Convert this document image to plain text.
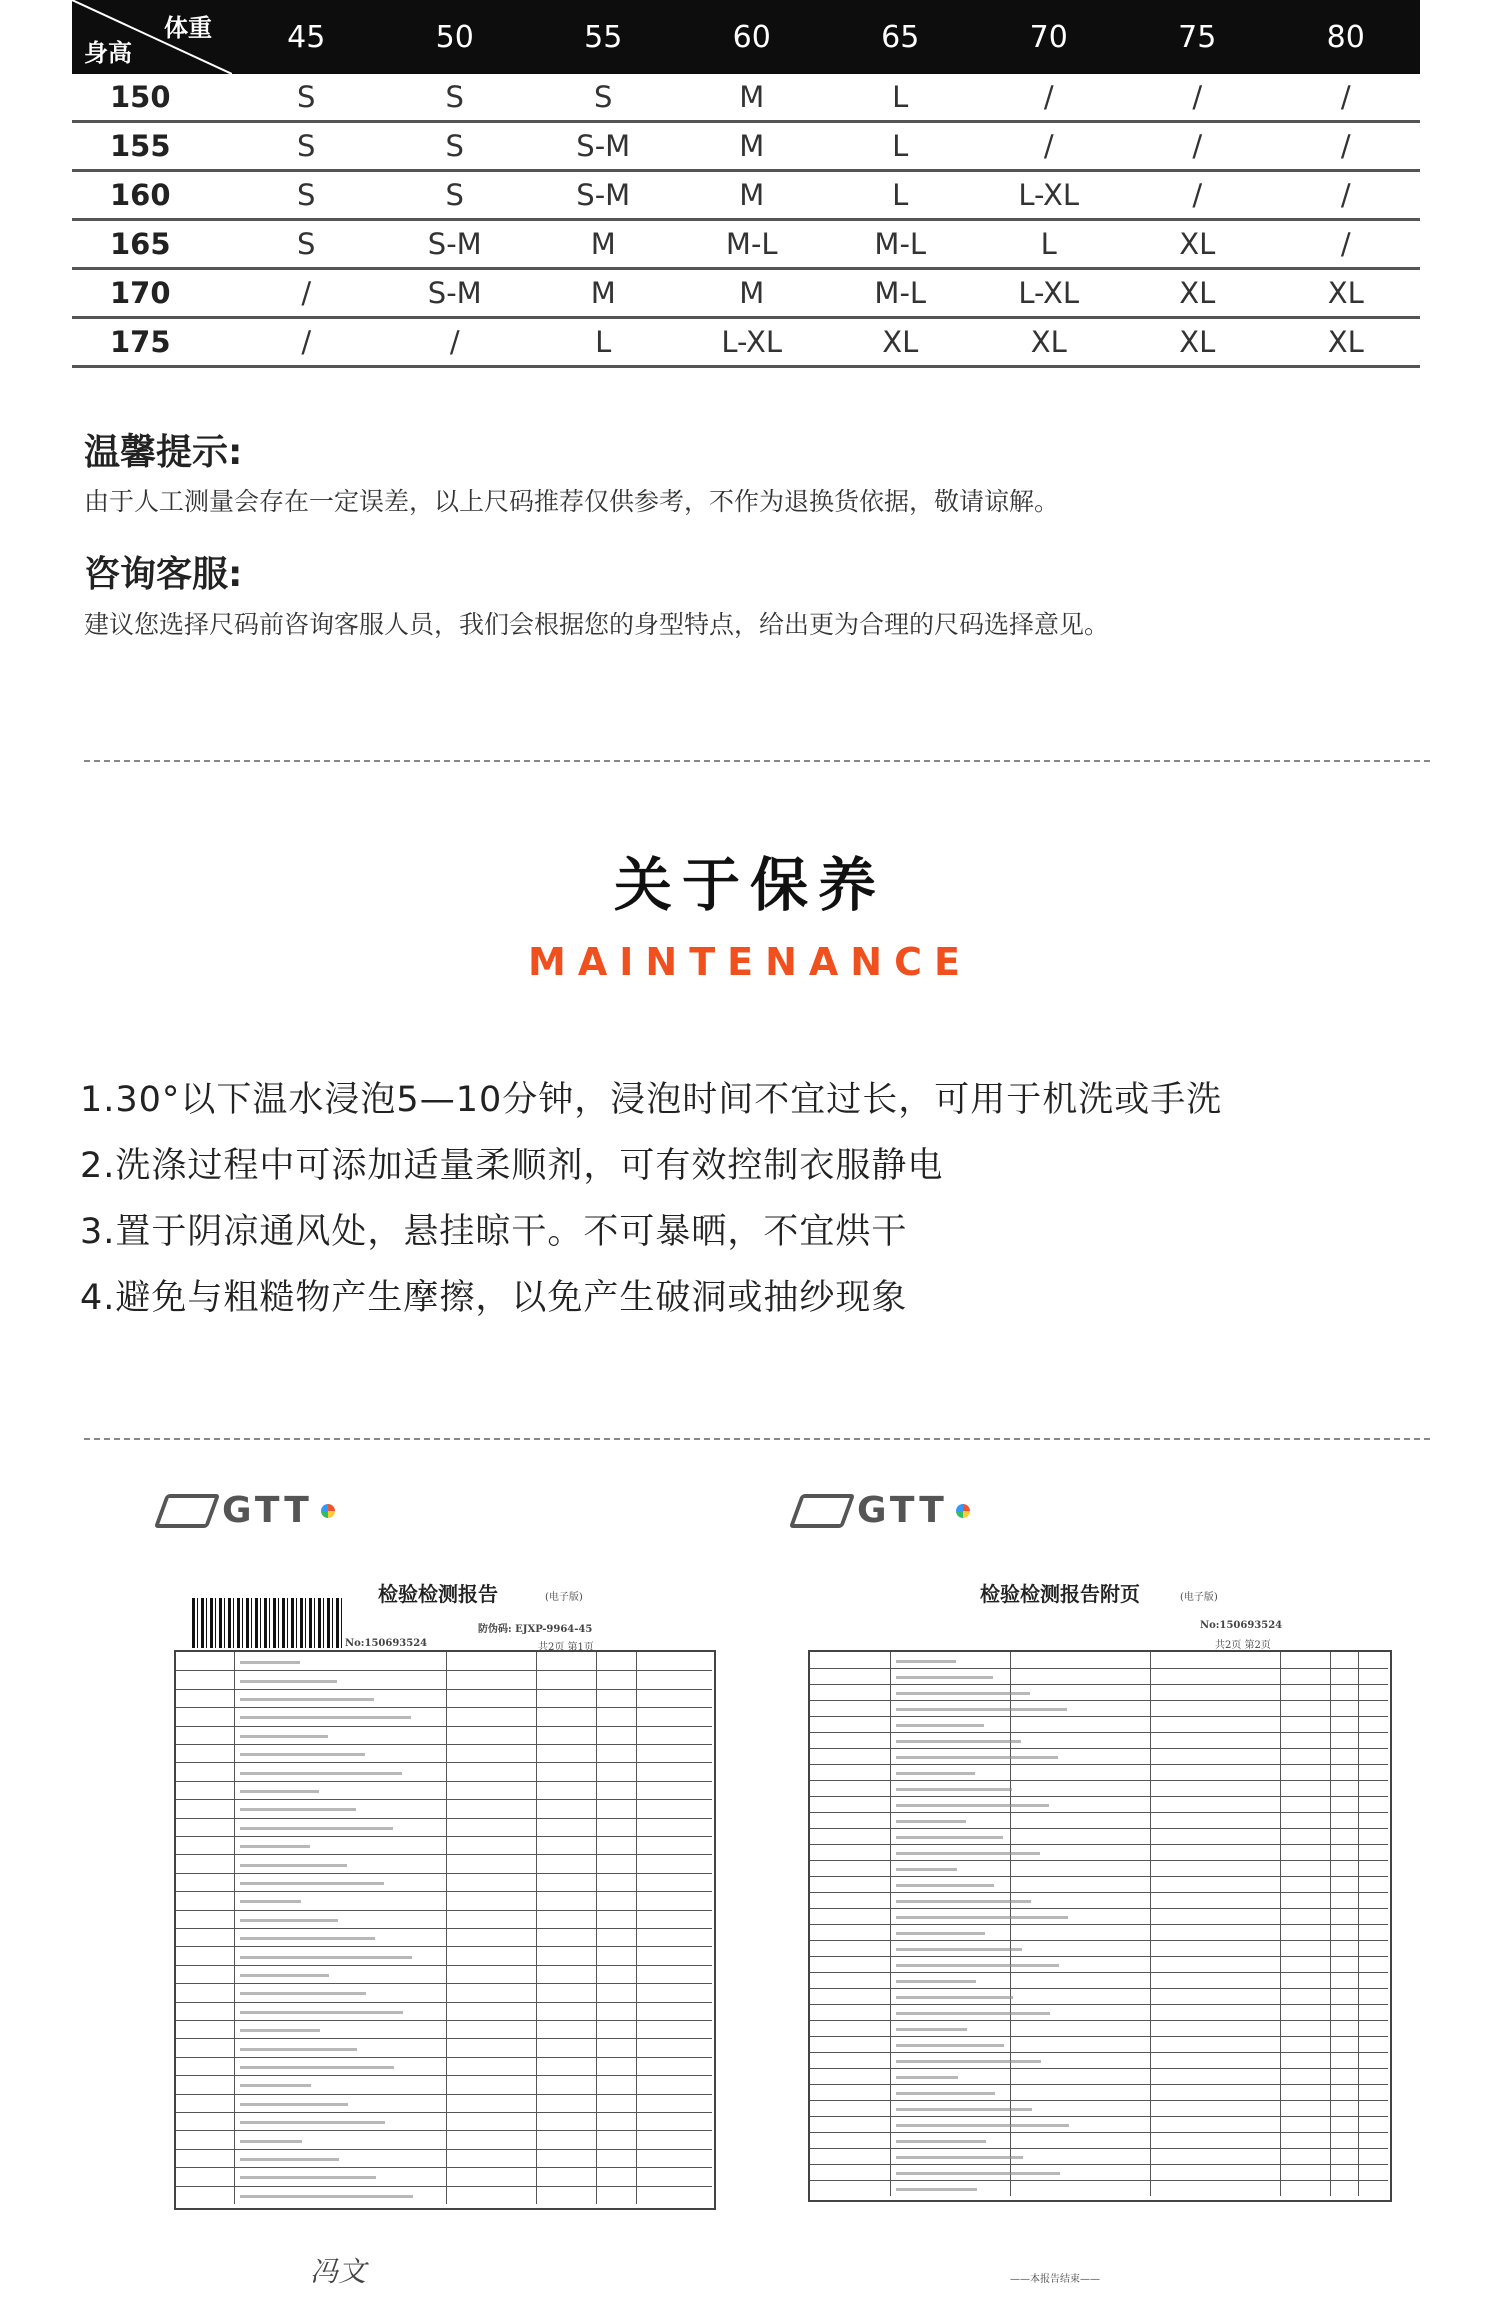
体重
身高	45	50	55	60	65	70	75	80
150	S	S	S	M	L	/	/	/
155	S	S	S-M	M	L	/	/	/
160	S	S	S-M	M	L	L-XL	/	/
165	S	S-M	M	M-L	M-L	L	XL	/
170	/	S-M	M	M	M-L	L-XL	XL	XL
175	/	/	L	L-XL	XL	XL	XL	XL
温馨提示:
由于人工测量会存在一定误差，以上尺码推荐仅供参考，不作为退换货依据，敬请谅解。
咨询客服:
建议您选择尺码前咨询客服人员，我们会根据您的身型特点，给出更为合理的尺码选择意见。
关于保养
MAINTENANCE
1.30°以下温水浸泡5—10分钟，浸泡时间不宜过长，可用于机洗或手洗
2.洗涤过程中可添加适量柔顺剂，可有效控制衣服静电
3.置于阴凉通风处，悬挂晾干。不可暴晒，不宜烘干
4.避免与粗糙物产生摩擦，以免产生破洞或抽纱现象
GTT
检验检测报告	(电子版)
防伪码: EJXP-9964-45
共2页 第1页
No:150693524
冯文
GTT
检验检测报告附页	(电子版)
No:150693524
共2页 第2页
——本报告结束——
